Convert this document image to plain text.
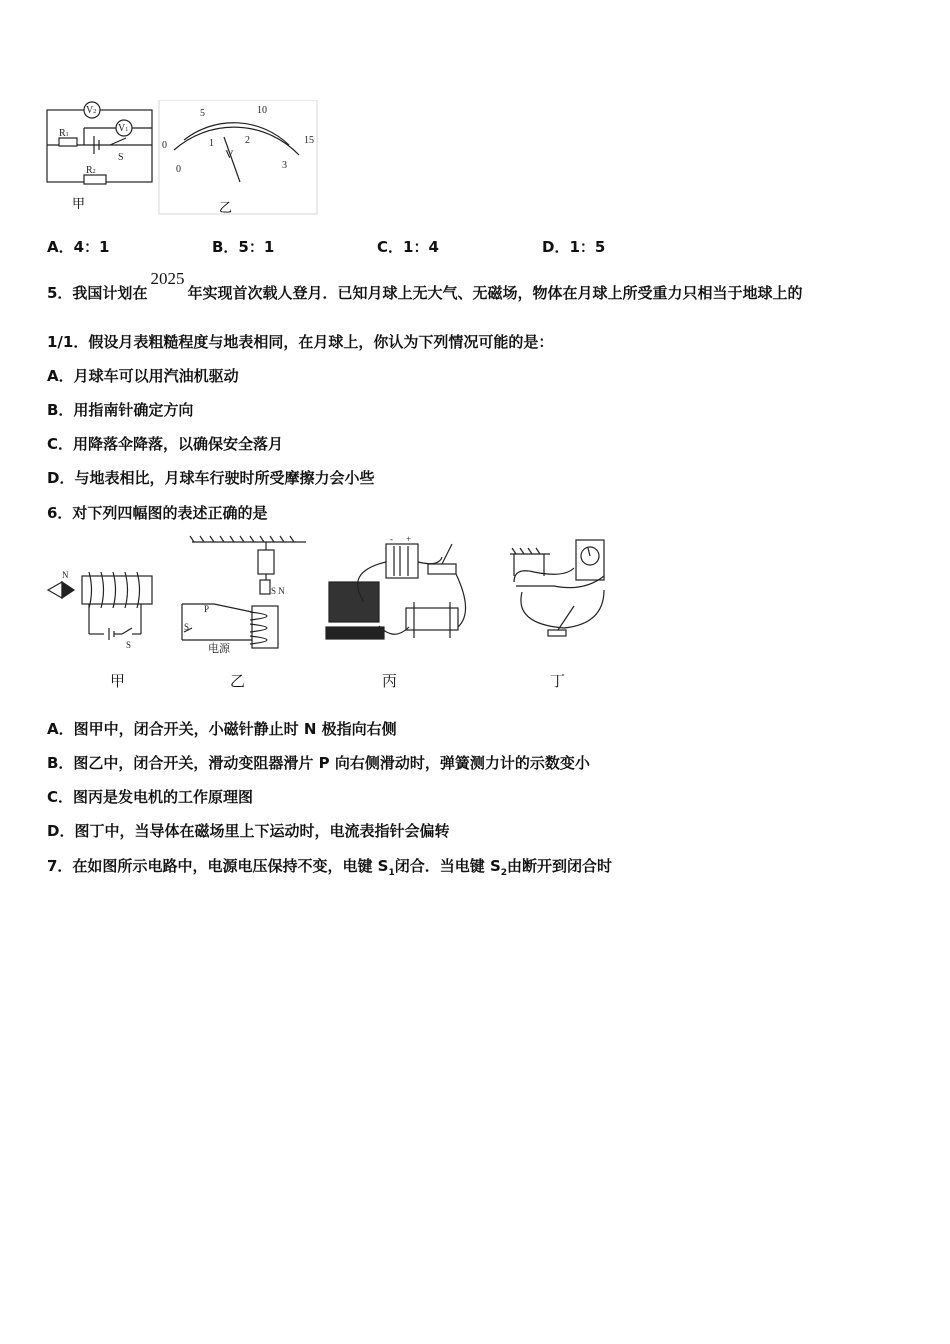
V2
V1
R1
R2
S
0
5	10
15
0
1	2
3
V
甲	乙
A．4：1	B．5：1	C．1：4	D．1：5
5．我国计划在2025年实现首次载人登月．已知月球上无大气、无磁场，物体在月球上所受重力只相当于地球上的
1/1．假设月表粗糙程度与地表相同，在月球上，你认为下列情况可能的是：
A．月球车可以用汽油机驱动
B．用指南针确定方向
C．用降落伞降落，以确保安全落月
D．与地表相比，月球车行驶时所受摩擦力会小些
6．对下列四幅图的表述正确的是
N
S
S N
P
S
电源
- +
甲	乙	丙	丁
A．图甲中，闭合开关，小磁针静止时 N 极指向右侧
B．图乙中，闭合开关，滑动变阻器滑片 P 向右侧滑动时，弹簧测力计的示数变小
C．图丙是发电机的工作原理图
D．图丁中，当导体在磁场里上下运动时，电流表指针会偏转
7．在如图所示电路中，电源电压保持不变，电键 $S_1$闭合．当电键 $S_2$由断开到闭合时
